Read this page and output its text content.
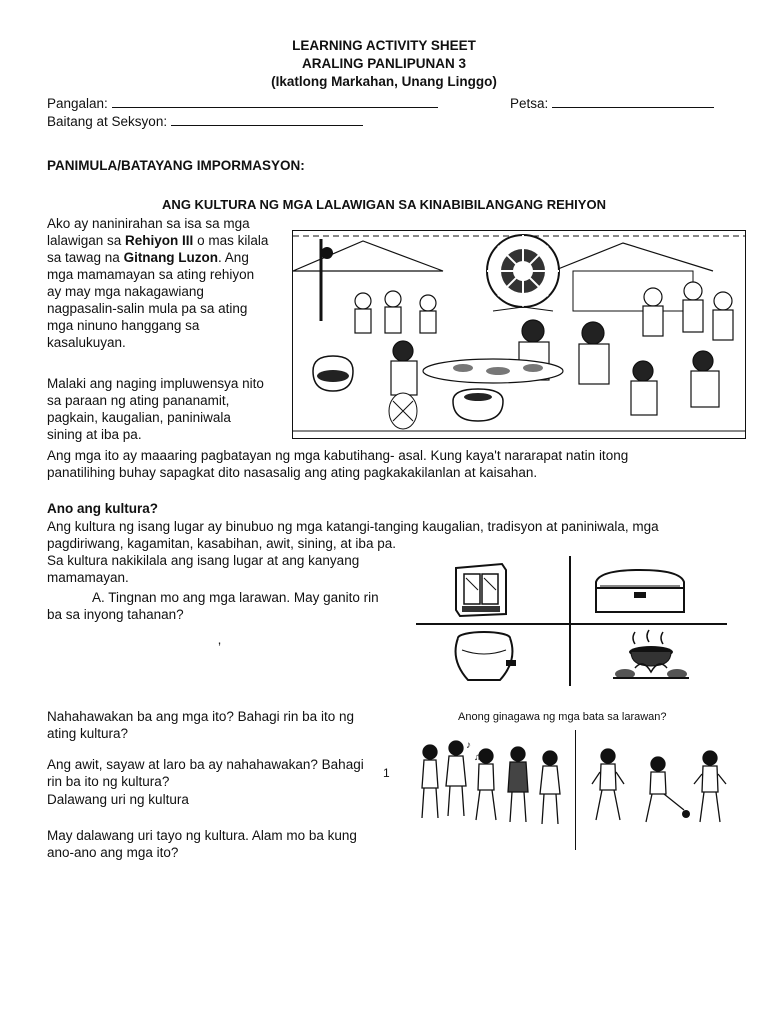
LEARNING ACTIVITY SHEET
ARALING PANLIPUNAN 3
(Ikatlong Markahan, Unang Linggo)
Pangalan:	Petsa:
Baitang at Seksyon:
PANIMULA/BATAYANG IMPORMASYON:
ANG KULTURA NG MGA LALAWIGAN SA KINABIBILANGANG REHIYON
Ako ay naninirahan sa isa sa mga
lalawigan sa Rehiyon III o mas kilala
sa tawag na Gitnang Luzon. Ang
mga mamamayan sa ating rehiyon
ay may mga nakagawiang
nagpasalin-salin mula pa sa ating
mga ninuno hanggang sa
kasalukuyan.
Malaki ang naging impluwensya nito
sa paraan ng ating pananamit,
pagkain, kaugalian, paniniwala
sining at iba pa.
Ang mga ito ay maaaring pagbatayan ng mga kabutihang- asal. Kung kaya't nararapat natin itong
panatilihing buhay sapagkat dito nasasalig ang ating pagkakakilanlan at kaisahan.
Ano ang kultura?
Ang kultura ng isang lugar ay binubuo ng mga katangi-tanging kaugalian, tradisyon at paniniwala, mga
pagdiriwang, kagamitan, kasabihan, awit, sining, at iba pa.
Sa kultura nakikilala ang isang lugar at ang kanyang
mamamayan.
A. Tingnan mo ang mga larawan. May ganito rin
ba sa inyong tahanan?
’
Nahahawakan ba ang mga ito? Bahagi rin ba ito ng
ating kultura?
Ang awit, sayaw at laro ba ay nahahawakan? Bahagi
rin ba ito ng kultura?
1
Dalawang uri ng kultura
May dalawang uri tayo ng kultura. Alam mo ba kung
ano-ano ang mga ito?
Anong ginagawa ng mga bata sa larawan?
♪
♫
